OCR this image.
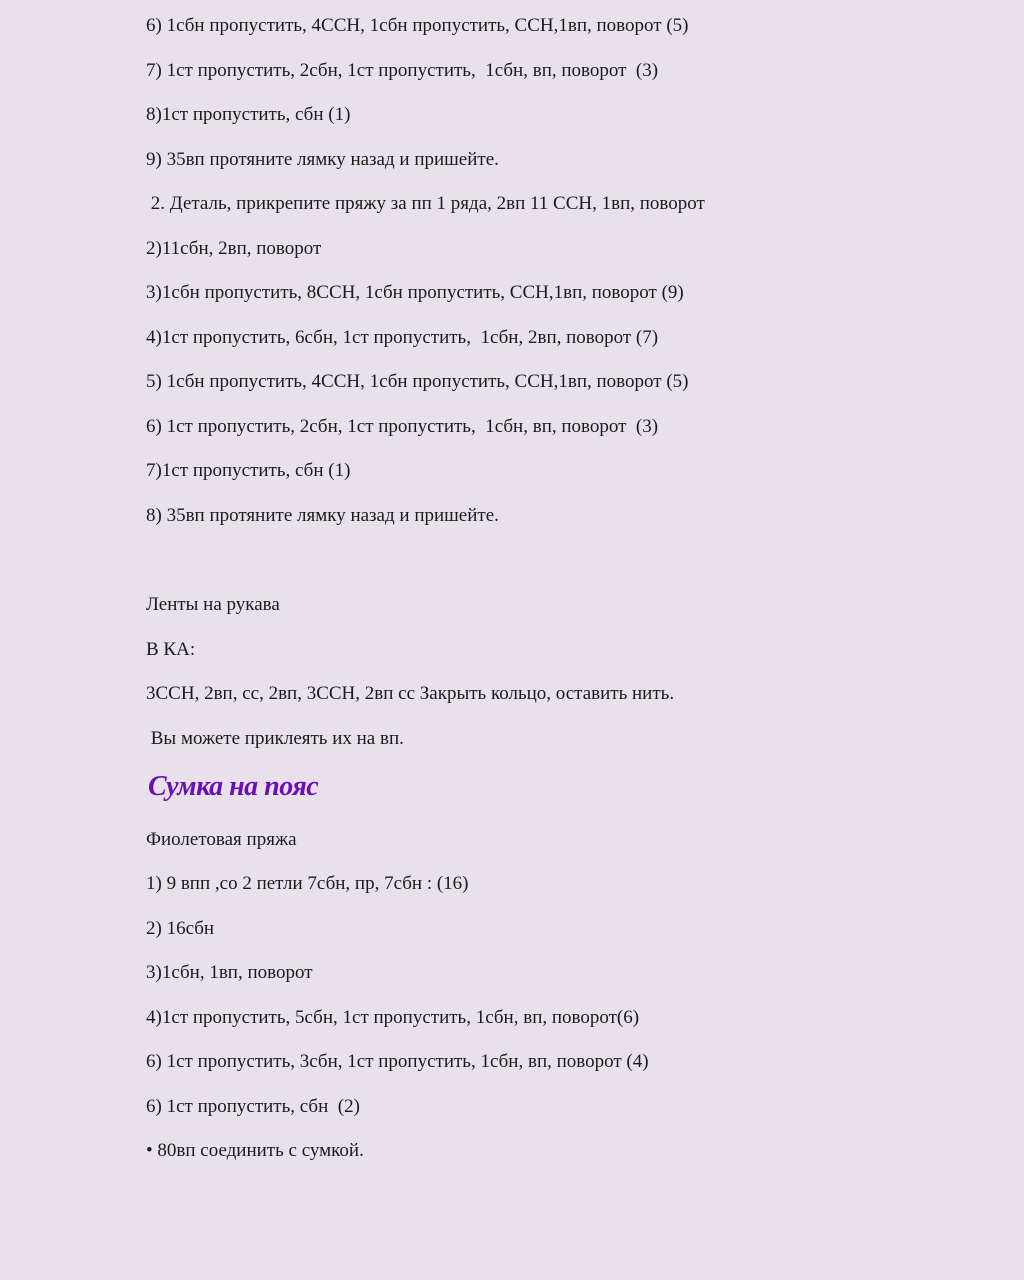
6) 1сбн пропустить, 4ССН, 1сбн пропустить, ССН,1вп, поворот (5)

7) 1ст пропустить, 2сбн, 1ст пропустить,  1сбн, вп, поворот  (3)

8)1ст пропустить, сбн (1)

9) 35вп протяните лямку назад и пришейте.

2. Деталь, прикрепите пряжу за пп 1 ряда, 2вп 11 ССН, 1вп, поворот

2)11сбн, 2вп, поворот

3)1сбн пропустить, 8ССН, 1сбн пропустить, ССН,1вп, поворот (9)

4)1ст пропустить, 6сбн, 1ст пропустить,  1сбн, 2вп, поворот (7)

5) 1сбн пропустить, 4ССН, 1сбн пропустить, ССН,1вп, поворот (5)

6) 1ст пропустить, 2сбн, 1ст пропустить,  1сбн, вп, поворот  (3)

7)1ст пропустить, сбн (1)

8) 35вп протяните лямку назад и пришейте.

Ленты на рукава

В КА:

3ССН, 2вп, сс, 2вп, 3ССН, 2вп сс Закрыть кольцо, оставить нить.

Вы можете приклеять их на вп.

Сумка на пояс

Фиолетовая пряжа

1) 9 впп ,со 2 петли 7сбн, пр, 7сбн : (16)

2) 16сбн

3)1сбн, 1вп, поворот

4)1ст пропустить, 5сбн, 1ст пропустить, 1сбн, вп, поворот(6)

6) 1ст пропустить, 3сбн, 1ст пропустить, 1сбн, вп, поворот (4)

6) 1ст пропустить, сбн  (2)

• 80вп соединить с сумкой.
